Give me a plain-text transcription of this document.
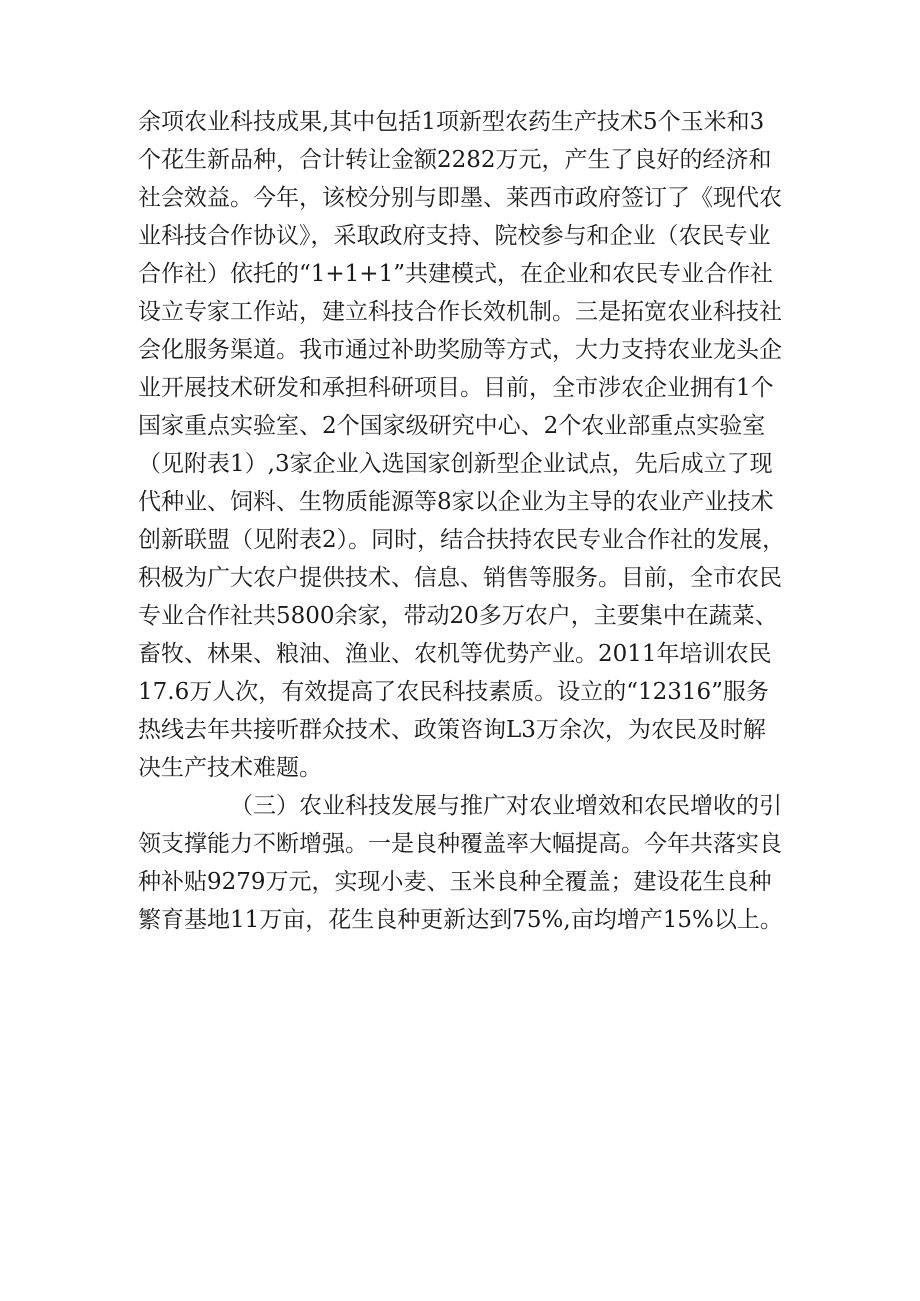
余项农业科技成果,其中包括1项新型农药生产技术5个玉米和3
个花生新品种，合计转让金额2282万元，产生了良好的经济和
社会效益。今年，该校分别与即墨、莱西市政府签订了《现代农
业科技合作协议》，采取政府支持、院校参与和企业（农民专业
合作社）依托的“1+1+1”共建模式，在企业和农民专业合作社
设立专家工作站，建立科技合作长效机制。三是拓宽农业科技社
会化服务渠道。我市通过补助奖励等方式，大力支持农业龙头企
业开展技术研发和承担科研项目。目前，全市涉农企业拥有1个
国家重点实验室、2个国家级研究中心、2个农业部重点实验室
（见附表1）,3家企业入选国家创新型企业试点，先后成立了现
代种业、饲料、生物质能源等8家以企业为主导的农业产业技术
创新联盟（见附表2）。同时，结合扶持农民专业合作社的发展，
积极为广大农户提供技术、信息、销售等服务。目前，全市农民
专业合作社共5800余家，带动20多万农户，主要集中在蔬菜、
畜牧、林果、粮油、渔业、农机等优势产业。2011年培训农民
17.6万人次，有效提高了农民科技素质。设立的“12316”服务
热线去年共接听群众技术、政策咨询L3万余次，为农民及时解
决生产技术难题。
（三）农业科技发展与推广对农业增效和农民增收的引
领支撑能力不断增强。一是良种覆盖率大幅提高。今年共落实良
种补贴9279万元，实现小麦、玉米良种全覆盖；建设花生良种
繁育基地11万亩，花生良种更新达到75%,亩均增产15%以上。
